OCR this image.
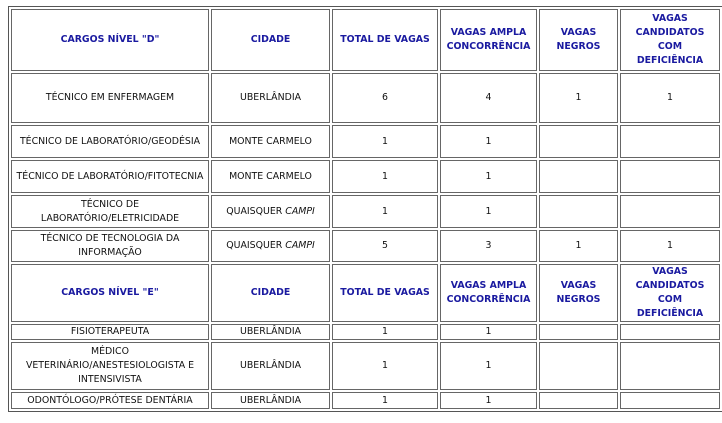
CARGOS NÍVEL "D"	CIDADE	TOTAL DE VAGAS	VAGAS AMPLA CONCORRÊNCIA	VAGAS NEGROS	VAGAS CANDIDATOS COM DEFICIÊNCIA
TÉCNICO EM ENFERMAGEM	UBERLÂNDIA	6	4	1	1
TÉCNICO DE LABORATÓRIO/GEODÉSIA	MONTE CARMELO	1	1		
TÉCNICO DE LABORATÓRIO/FITOTECNIA	MONTE CARMELO	1	1		
TÉCNICO DE LABORATÓRIO/ELETRICIDADE	QUAISQUER CAMPI	1	1		
TÉCNICO DE TECNOLOGIA DA INFORMAÇÃO	QUAISQUER CAMPI	5	3	1	1
CARGOS NÍVEL "E"	CIDADE	TOTAL DE VAGAS	VAGAS AMPLA CONCORRÊNCIA	VAGAS NEGROS	VAGAS CANDIDATOS COM DEFICIÊNCIA
FISIOTERAPEUTA	UBERLÂNDIA	1	1		
MÉDICO VETERINÁRIO/ANESTESIOLOGISTA E INTENSIVISTA	UBERLÂNDIA	1	1		
ODONTÓLOGO/PRÓTESE DENTÁRIA	UBERLÂNDIA	1	1		
